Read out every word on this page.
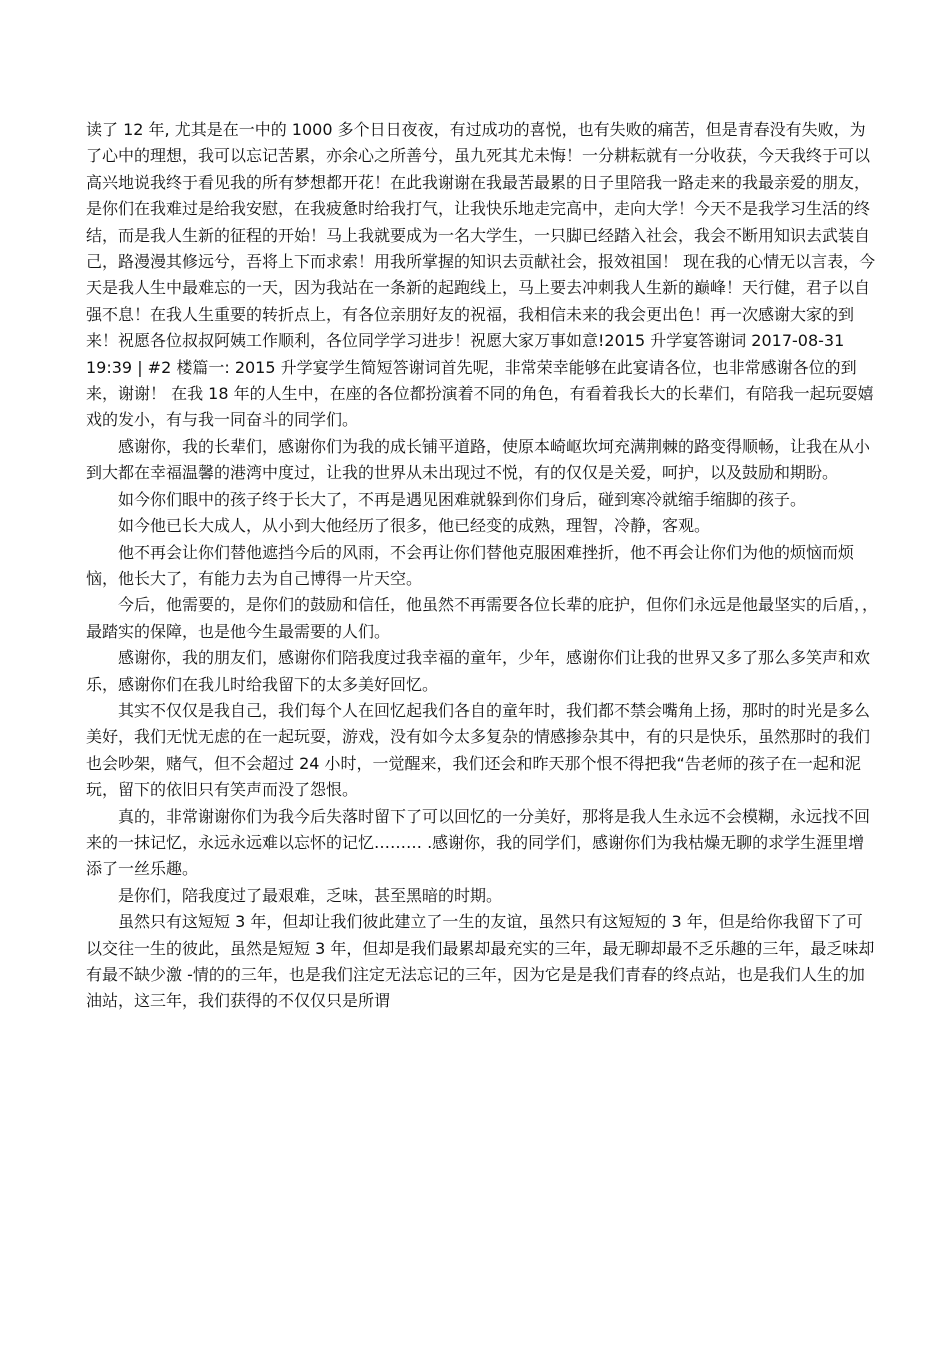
读了 12 年, 尤其是在一中的 1000 多个日日夜夜，有过成功的喜悦，也有失败的痛苦，但是青春没有失败，为了心中的理想，我可以忘记苦累，亦余心之所善兮，虽九死其尤未悔！一分耕耘就有一分收获，今天我终于可以高兴地说我终于看见我的所有梦想都开花！在此我谢谢在我最苦最累的日子里陪我一路走来的我最亲爱的朋友，是你们在我难过是给我安慰，在我疲惫时给我打气，让我快乐地走完高中，走向大学！今天不是我学习生活的终结，而是我人生新的征程的开始！马上我就要成为一名大学生，一只脚已经踏入社会，我会不断用知识去武装自己，路漫漫其修远兮，吾将上下而求索！用我所掌握的知识去贡献社会，报效祖国！ 现在我的心情无以言表，今天是我人生中最难忘的一天，因为我站在一条新的起跑线上，马上要去冲刺我人生新的巅峰！天行健，君子以自强不息！在我人生重要的转折点上，有各位亲朋好友的祝福，我相信未来的我会更出色！再一次感谢大家的到来！祝愿各位叔叔阿姨工作顺利，各位同学学习进步！祝愿大家万事如意!2015 升学宴答谢词 2017-08-31 19:39 | #2 楼篇一: 2015 升学宴学生简短答谢词首先呢，非常荣幸能够在此宴请各位，也非常感谢各位的到来，谢谢！ 在我 18 年的人生中，在座的各位都扮演着不同的角色，有看着我长大的长辈们，有陪我一起玩耍嬉戏的发小，有与我一同奋斗的同学们。

感谢你，我的长辈们，感谢你们为我的成长铺平道路，使原本崎岖坎坷充满荆棘的路变得顺畅，让我在从小到大都在幸福温馨的港湾中度过，让我的世界从未出现过不悦，有的仅仅是关爱，呵护，以及鼓励和期盼。

如今你们眼中的孩子终于长大了，不再是遇见困难就躲到你们身后，碰到寒冷就缩手缩脚的孩子。

如今他已长大成人，从小到大他经历了很多，他已经变的成熟，理智，冷静，客观。

他不再会让你们替他遮挡今后的风雨，不会再让你们替他克服困难挫折，他不再会让你们为他的烦恼而烦恼，他长大了，有能力去为自己博得一片天空。

今后，他需要的，是你们的鼓励和信任，他虽然不再需要各位长辈的庇护，但你们永远是他最坚实的后盾，，最踏实的保障，也是他今生最需要的人们。

感谢你，我的朋友们，感谢你们陪我度过我幸福的童年，少年，感谢你们让我的世界又多了那么多笑声和欢乐，感谢你们在我儿时给我留下的太多美好回忆。

其实不仅仅是我自己，我们每个人在回忆起我们各自的童年时，我们都不禁会嘴角上扬，那时的时光是多么美好，我们无忧无虑的在一起玩耍，游戏，没有如今太多复杂的情感掺杂其中，有的只是快乐，虽然那时的我们也会吵架，赌气，但不会超过 24 小时，一觉醒来，我们还会和昨天那个恨不得把我“告老师的孩子在一起和泥玩，留下的依旧只有笑声而没了怨恨。

真的，非常谢谢你们为我今后失落时留下了可以回忆的一分美好，那将是我人生永远不会模糊，永远找不回来的一抹记忆，永远永远难以忘怀的记忆……… .感谢你，我的同学们，感谢你们为我枯燥无聊的求学生涯里增添了一丝乐趣。

是你们，陪我度过了最艰难，乏味，甚至黑暗的时期。

虽然只有这短短 3 年，但却让我们彼此建立了一生的友谊，虽然只有这短短的 3 年，但是给你我留下了可以交往一生的彼此，虽然是短短 3 年，但却是我们最累却最充实的三年，最无聊却最不乏乐趣的三年，最乏味却有最不缺少激 -情的的三年，也是我们注定无法忘记的三年，因为它是是我们青春的终点站，也是我们人生的加油站，这三年，我们获得的不仅仅只是所谓
